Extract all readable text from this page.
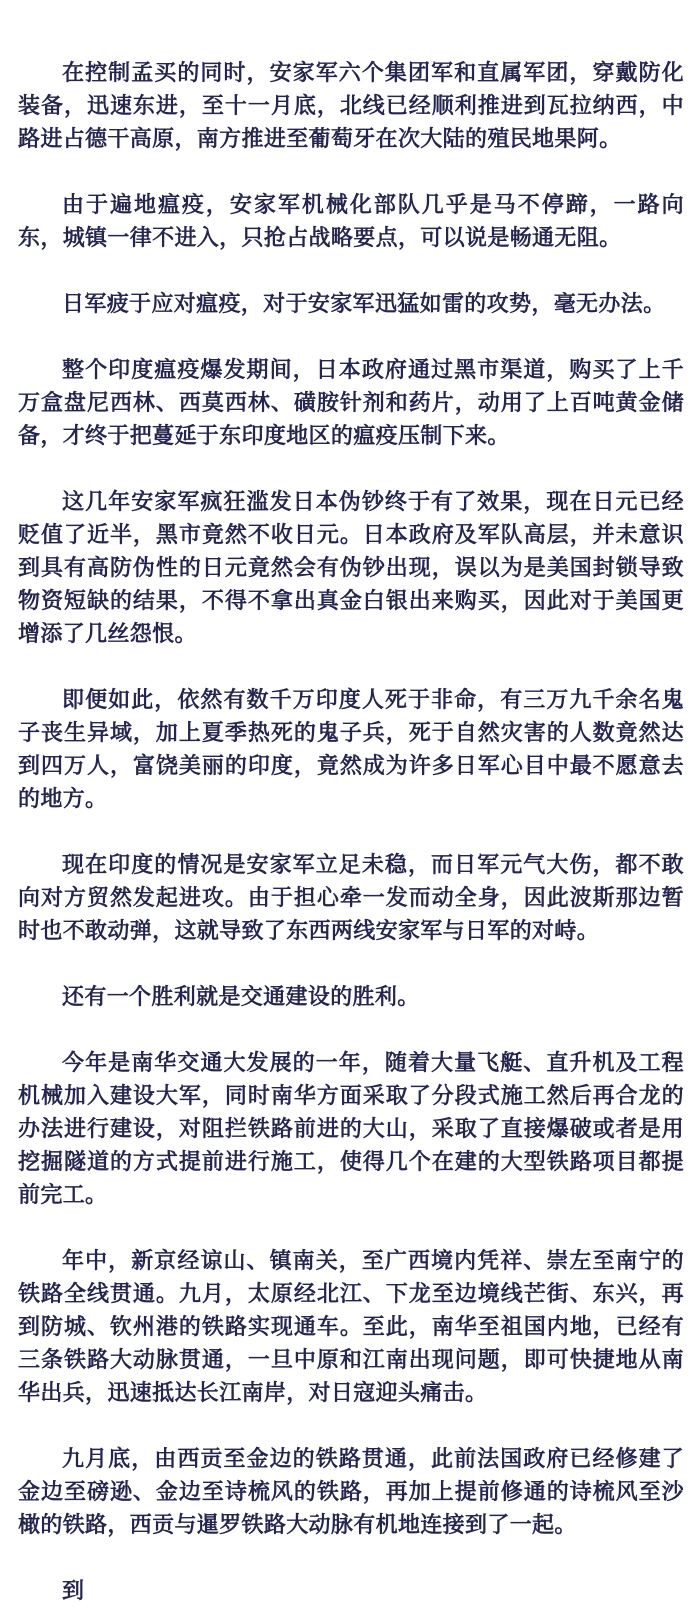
在控制孟买的同时，安家军六个集团军和直属军团，穿戴防化装备，迅速东进，至十一月底，北线已经顺利推进到瓦拉纳西，中路进占德干高原，南方推进至葡萄牙在次大陆的殖民地果阿。

由于遍地瘟疫，安家军机械化部队几乎是马不停蹄，一路向东，城镇一律不进入，只抢占战略要点，可以说是畅通无阻。

日军疲于应对瘟疫，对于安家军迅猛如雷的攻势，毫无办法。

整个印度瘟疫爆发期间，日本政府通过黑市渠道，购买了上千万盒盘尼西林、西莫西林、磺胺针剂和药片，动用了上百吨黄金储备，才终于把蔓延于东印度地区的瘟疫压制下来。

这几年安家军疯狂滥发日本伪钞终于有了效果，现在日元已经贬值了近半，黑市竟然不收日元。日本政府及军队高层，并未意识到具有高防伪性的日元竟然会有伪钞出现，误以为是美国封锁导致物资短缺的结果，不得不拿出真金白银出来购买，因此对于美国更增添了几丝怨恨。

即便如此，依然有数千万印度人死于非命，有三万九千余名鬼子丧生异域，加上夏季热死的鬼子兵，死于自然灾害的人数竟然达到四万人，富饶美丽的印度，竟然成为许多日军心目中最不愿意去的地方。

现在印度的情况是安家军立足未稳，而日军元气大伤，都不敢向对方贸然发起进攻。由于担心牵一发而动全身，因此波斯那边暂时也不敢动弹，这就导致了东西两线安家军与日军的对峙。

还有一个胜利就是交通建设的胜利。

今年是南华交通大发展的一年，随着大量飞艇、直升机及工程机械加入建设大军，同时南华方面采取了分段式施工然后再合龙的办法进行建设，对阻拦铁路前进的大山，采取了直接爆破或者是用挖掘隧道的方式提前进行施工，使得几个在建的大型铁路项目都提前完工。

年中，新京经谅山、镇南关，至广西境内凭祥、崇左至南宁的铁路全线贯通。九月，太原经北江、下龙至边境线芒街、东兴，再到防城、钦州港的铁路实现通车。至此，南华至祖国内地，已经有三条铁路大动脉贯通，一旦中原和江南出现问题，即可快捷地从南华出兵，迅速抵达长江南岸，对日寇迎头痛击。

九月底，由西贡至金边的铁路贯通，此前法国政府已经修建了金边至磅逊、金边至诗梳风的铁路，再加上提前修通的诗梳风至沙橄的铁路，西贡与暹罗铁路大动脉有机地连接到了一起。

到
